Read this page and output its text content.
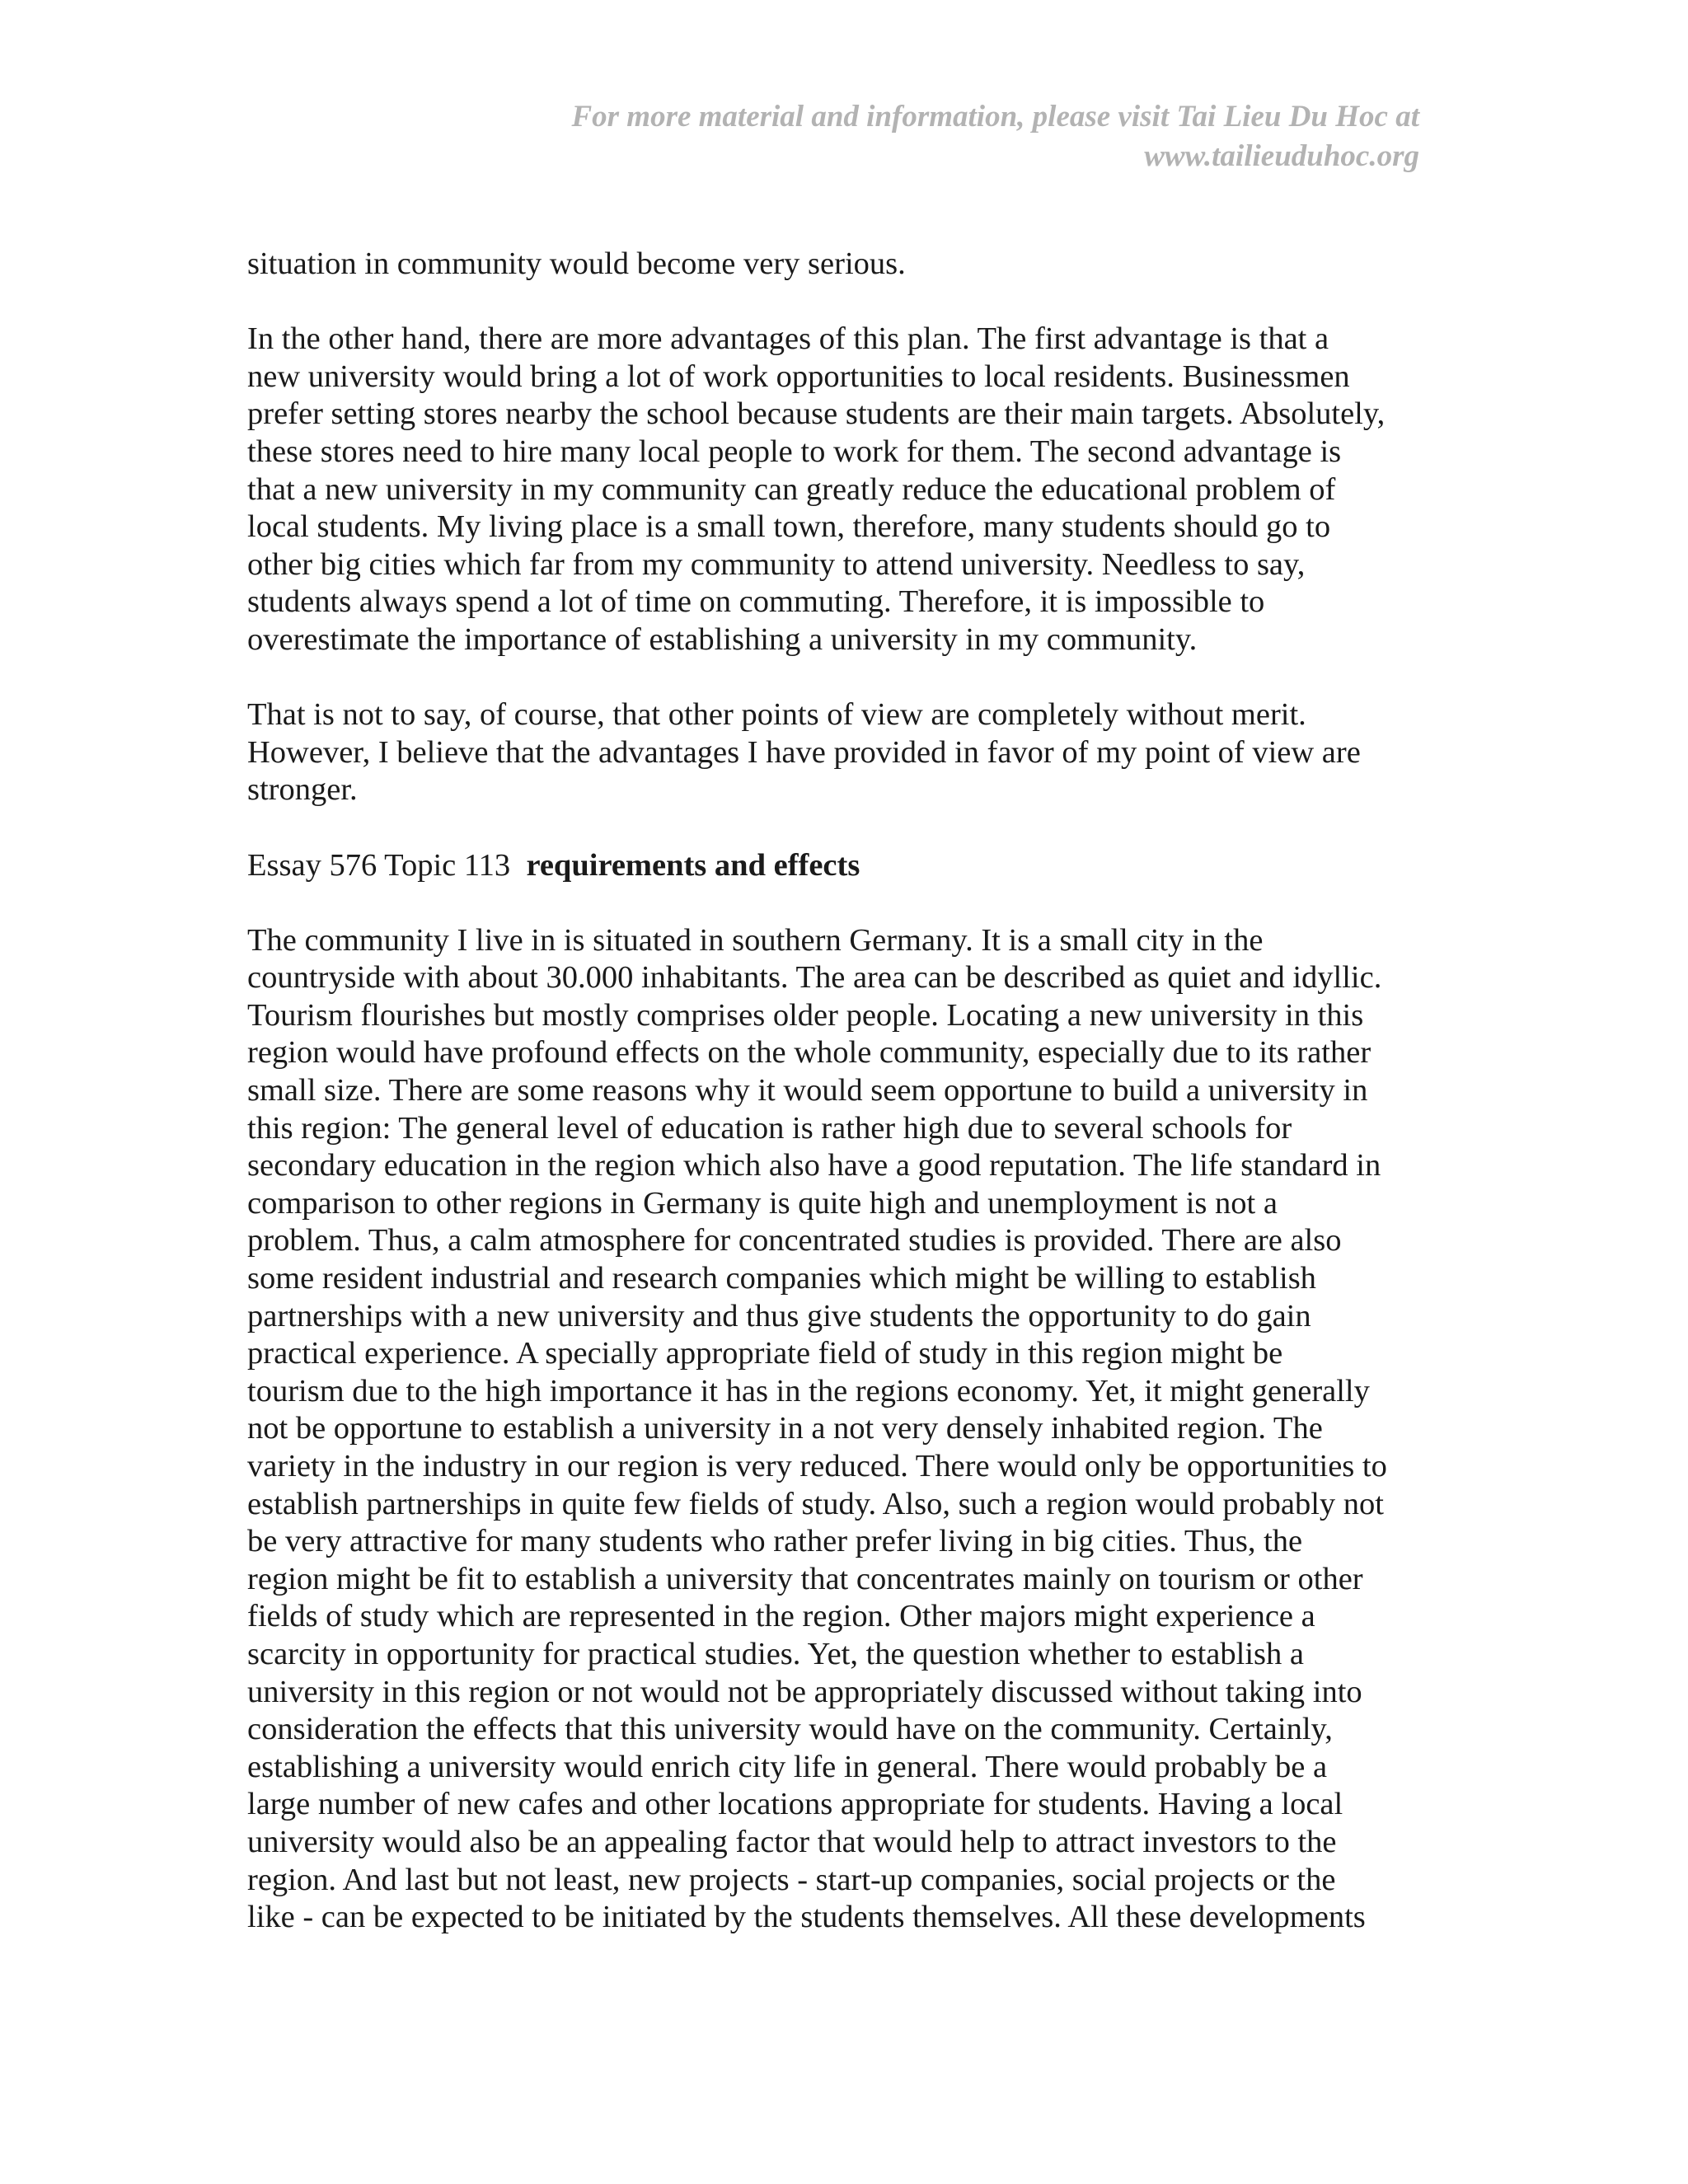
For more material and information, please visit Tai Lieu Du Hoc at
www.tailieuduhoc.org

situation in community would become very serious.

In the other hand, there are more advantages of this plan. The first advantage is that a
new university would bring a lot of work opportunities to local residents. Businessmen
prefer setting stores nearby the school because students are their main targets. Absolutely,
these stores need to hire many local people to work for them. The second advantage is
that a new university in my community can greatly reduce the educational problem of
local students. My living place is a small town, therefore, many students should go to
other big cities which far from my community to attend university. Needless to say,
students always spend a lot of time on commuting. Therefore, it is impossible to
overestimate the importance of establishing a university in my community.

That is not to say, of course, that other points of view are completely without merit.
However, I believe that the advantages I have provided in favor of my point of view are
stronger.

Essay 576 Topic 113 requirements and effects

The community I live in is situated in southern Germany. It is a small city in the
countryside with about 30.000 inhabitants. The area can be described as quiet and idyllic.
Tourism flourishes but mostly comprises older people. Locating a new university in this
region would have profound effects on the whole community, especially due to its rather
small size. There are some reasons why it would seem opportune to build a university in
this region: The general level of education is rather high due to several schools for
secondary education in the region which also have a good reputation. The life standard in
comparison to other regions in Germany is quite high and unemployment is not a
problem. Thus, a calm atmosphere for concentrated studies is provided. There are also
some resident industrial and research companies which might be willing to establish
partnerships with a new university and thus give students the opportunity to do gain
practical experience. A specially appropriate field of study in this region might be
tourism due to the high importance it has in the regions economy. Yet, it might generally
not be opportune to establish a university in a not very densely inhabited region. The
variety in the industry in our region is very reduced. There would only be opportunities to
establish partnerships in quite few fields of study. Also, such a region would probably not
be very attractive for many students who rather prefer living in big cities. Thus, the
region might be fit to establish a university that concentrates mainly on tourism or other
fields of study which are represented in the region. Other majors might experience a
scarcity in opportunity for practical studies. Yet, the question whether to establish a
university in this region or not would not be appropriately discussed without taking into
consideration the effects that this university would have on the community. Certainly,
establishing a university would enrich city life in general. There would probably be a
large number of new cafes and other locations appropriate for students. Having a local
university would also be an appealing factor that would help to attract investors to the
region. And last but not least, new projects - start-up companies, social projects or the
like - can be expected to be initiated by the students themselves. All these developments
